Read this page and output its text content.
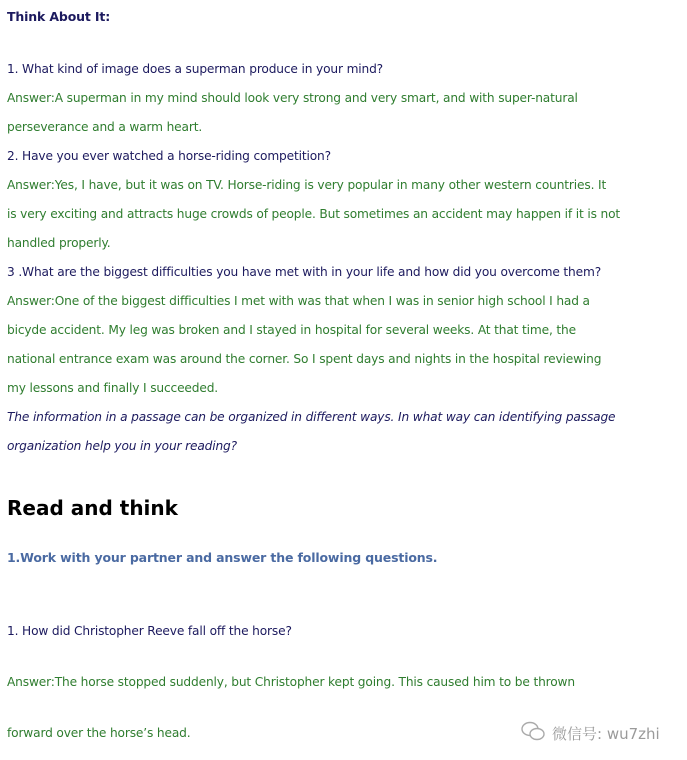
Think About It:
1. What kind of image does a superman produce in your mind?
Answer:A superman in my mind should look very strong and very smart, and with super-natural
perseverance and a warm heart.
2. Have you ever watched a horse-riding competition?
Answer:Yes, I have, but it was on TV. Horse-riding is very popular in many other western countries. It
is very exciting and attracts huge crowds of people. But sometimes an accident may happen if it is not
handled properly.
3 .What are the biggest difficulties you have met with in your life and how did you overcome them?
Answer:One of the biggest difficulties I met with was that when I was in senior high school I had a
bicyde accident. My leg was broken and I stayed in hospital for several weeks. At that time, the
national entrance exam was around the corner. So I spent days and nights in the hospital reviewing
my lessons and finally I succeeded.
The information in a passage can be organized in different ways. In what way can identifying passage
organization help you in your reading?
Read and think
1.Work with your partner and answer the following questions.
1. How did Christopher Reeve fall off the horse?
Answer:The horse stopped suddenly, but Christopher kept going. This caused him to be thrown
forward over the horse’s head.	微信号: wu7zhi
